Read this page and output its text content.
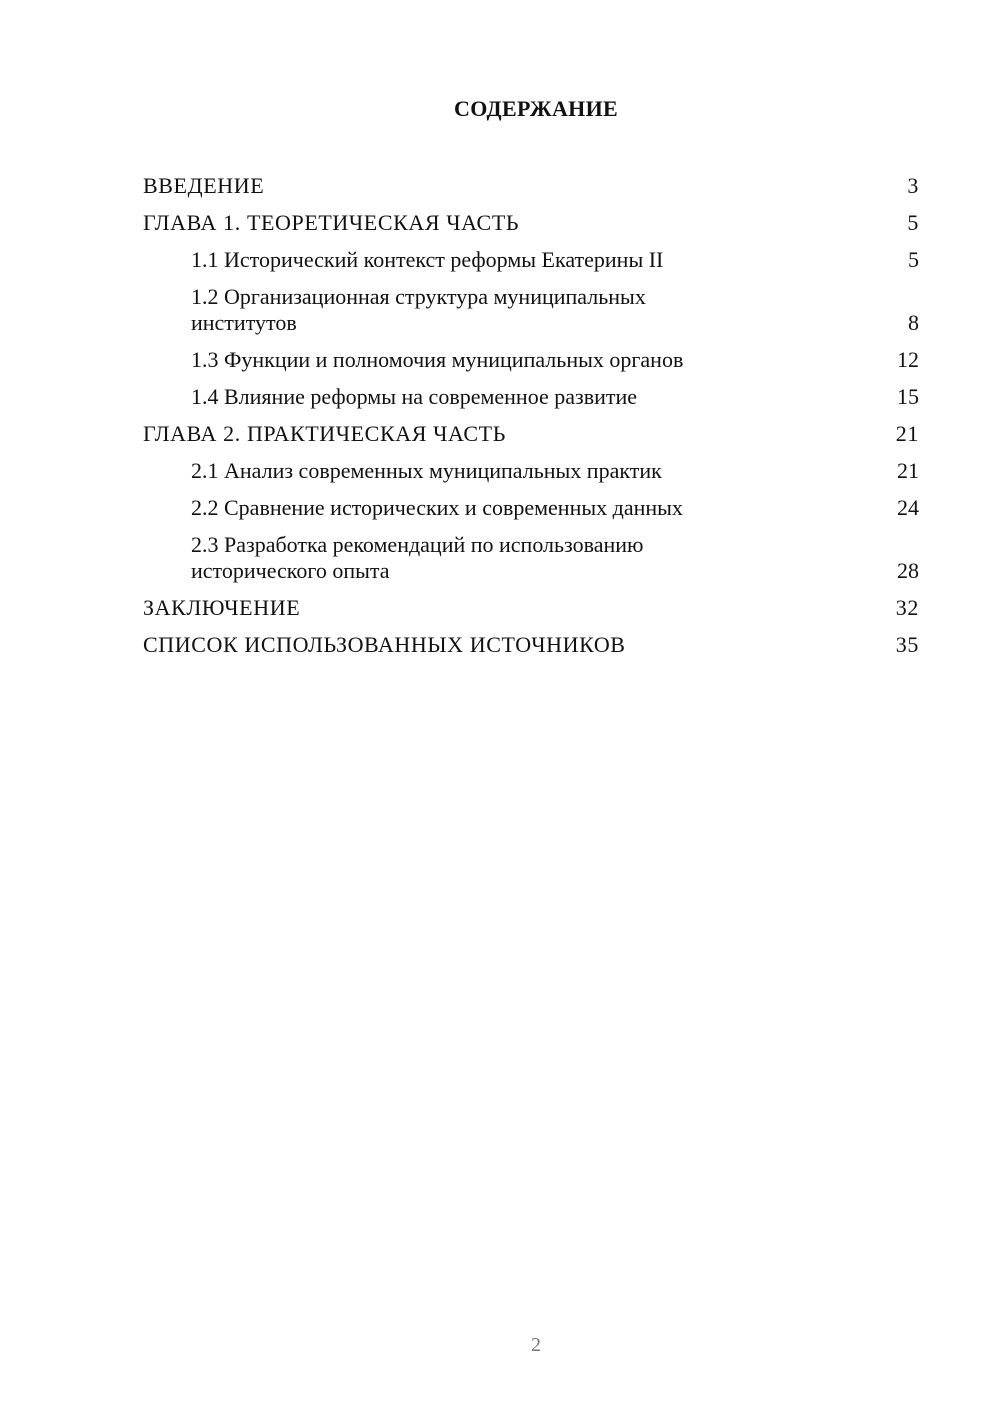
СОДЕРЖАНИЕ
ВВЕДЕНИЕ	3
ГЛАВА 1. ТЕОРЕТИЧЕСКАЯ ЧАСТЬ	5
1.1 Исторический контекст реформы Екатерины II	5
1.2 Организационная структура муниципальных институтов	8
1.3 Функции и полномочия муниципальных органов	12
1.4 Влияние реформы на современное развитие	15
ГЛАВА 2. ПРАКТИЧЕСКАЯ ЧАСТЬ	21
2.1 Анализ современных муниципальных практик	21
2.2 Сравнение исторических и современных данных	24
2.3 Разработка рекомендаций по использованию исторического опыта	28
ЗАКЛЮЧЕНИЕ	32
СПИСОК ИСПОЛЬЗОВАННЫХ ИСТОЧНИКОВ	35
2
